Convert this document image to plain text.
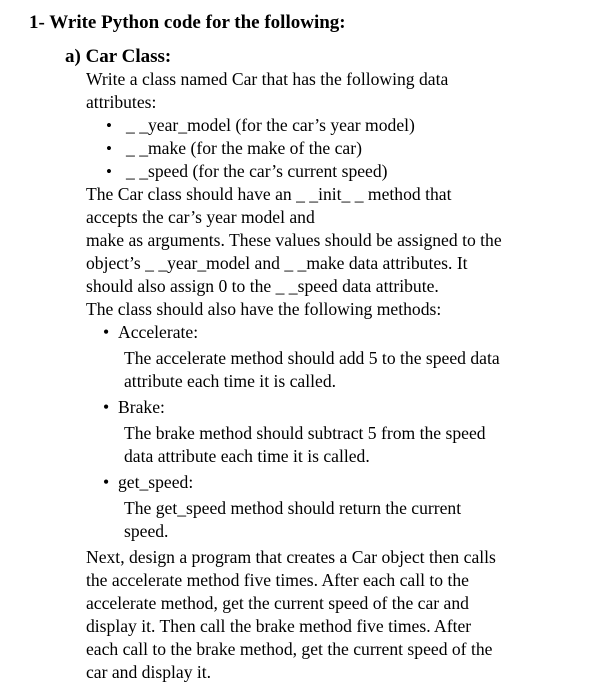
1- Write Python code for the following:
a) Car Class:
Write a class named Car that has the following data
attributes:
• _ _year_model (for the car’s year model)
• _ _make (for the make of the car)
• _ _speed (for the car’s current speed)
The Car class should have an _ _init_ _ method that
accepts the car’s year model and
make as arguments. These values should be assigned to the
object’s _ _year_model and _ _make data attributes. It
should also assign 0 to the _ _speed data attribute.
The class should also have the following methods:
• Accelerate:
The accelerate method should add 5 to the speed data
attribute each time it is called.
• Brake:
The brake method should subtract 5 from the speed
data attribute each time it is called.
• get_speed:
The get_speed method should return the current
speed.
Next, design a program that creates a Car object then calls
the accelerate method five times. After each call to the
accelerate method, get the current speed of the car and
display it. Then call the brake method five times. After
each call to the brake method, get the current speed of the
car and display it.
